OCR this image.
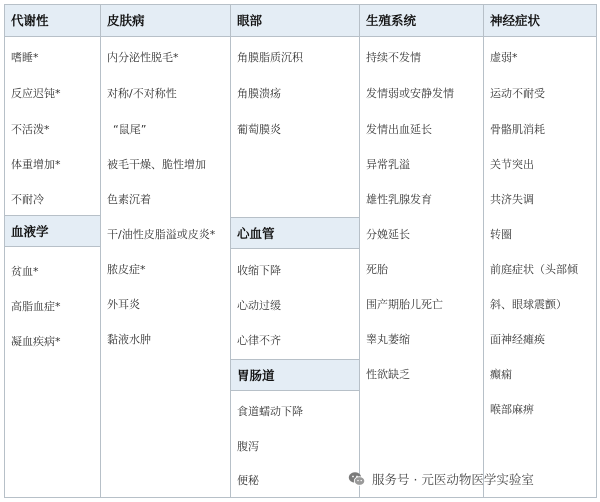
代谢性
嗜睡*
反应迟钝*
不活泼*
体重增加*
不耐冷
血液学
贫血*
高脂血症*
凝血疾病*
皮肤病
内分泌性脱毛*
对称/不对称性
“鼠尾”
被毛干燥、脆性增加
色素沉着
干/油性皮脂溢或皮炎*
脓皮症*
外耳炎
黏液水肿
眼部
角膜脂质沉积
角膜溃疡
葡萄膜炎
心血管
收缩下降
心动过缓
心律不齐
胃肠道
食道蠕动下降
腹泻
便秘
生殖系统
持续不发情
发情弱或安静发情
发情出血延长
异常乳溢
雄性乳腺发育
分娩延长
死胎
围产期胎儿死亡
睾丸萎缩
性欲缺乏
神经症状
虚弱*
运动不耐受
骨骼肌消耗
关节突出
共济失调
转圈
前庭症状（头部倾
斜、眼球震颤）
面神经瘫痪
癫痫
喉部麻痹
服务号 · 元医动物医学实验室
